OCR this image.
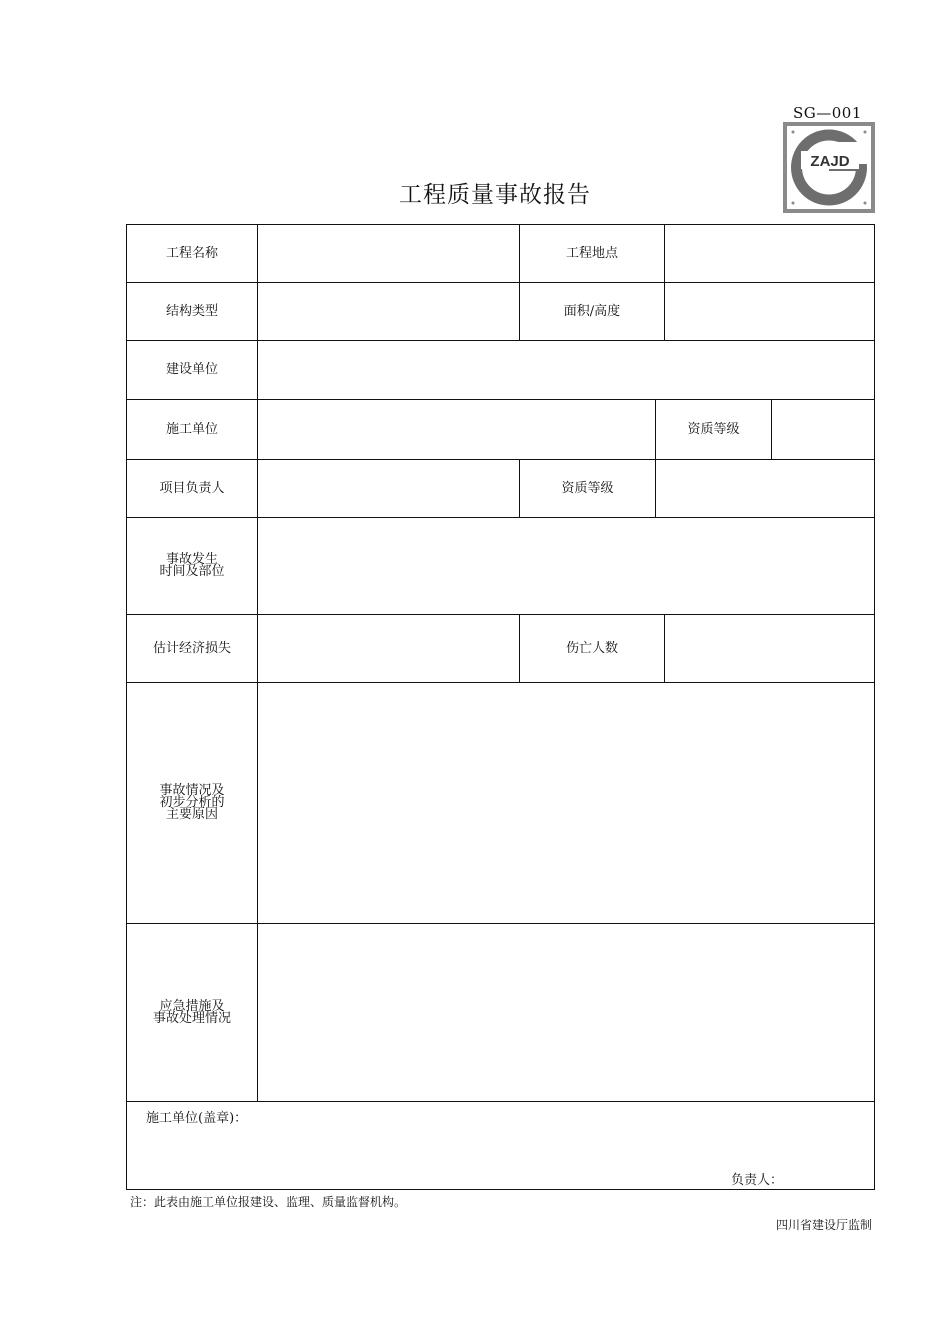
SG—001
ZAJD
工程质量事故报告
工程名称	工程地点
结构类型	面积/高度
建设单位
施工单位	资质等级
项目负责人	资质等级
事故发生
时间及部位
估计经济损失	伤亡人数
事故情况及
初步分析的
主要原因
应急措施及
事故处理情况
施工单位(盖章)：
负责人：
注：此表由施工单位报建设、监理、质量监督机构。
四川省建设厅监制
